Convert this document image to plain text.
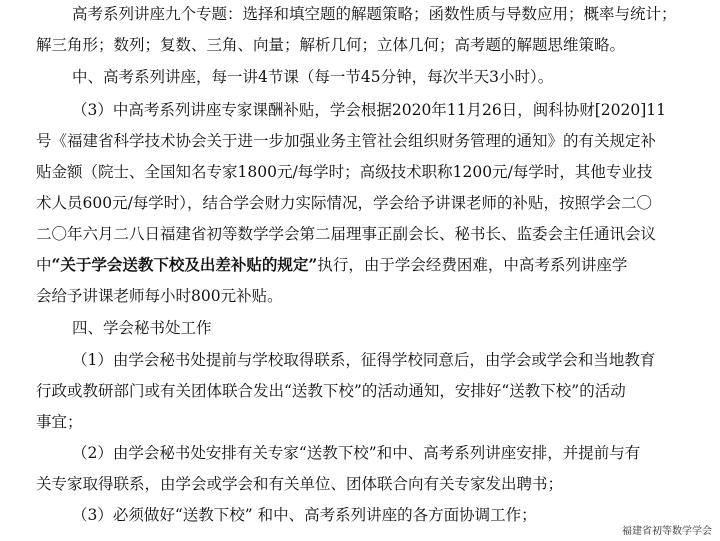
高考系列讲座九个专题：选择和填空题的解题策略；函数性质与导数应用；概率与统计；
解三角形；数列；复数、三角、向量；解析几何；立体几何；高考题的解题思维策略。
中、高考系列讲座，每一讲4节课（每一节45分钟，每次半天3小时）。
（3）中高考系列讲座专家课酬补贴，学会根据2020年11月26日，闽科协财[2020]11
号《福建省科学技术协会关于进一步加强业务主管社会组织财务管理的通知》的有关规定补
贴金额（院士、全国知名专家1800元/每学时；高级技术职称1200元/每学时，其他专业技
术人员600元/每学时），结合学会财力实际情况，学会给予讲课老师的补贴，按照学会二〇
二〇年六月二八日福建省初等数学学会第二届理事正副会长、秘书长、监委会主任通讯会议
中“关于学会送教下校及出差补贴的规定”执行，由于学会经费困难，中高考系列讲座学
会给予讲课老师每小时800元补贴。
四、学会秘书处工作
（1）由学会秘书处提前与学校取得联系，征得学校同意后，由学会或学会和当地教育
行政或教研部门或有关团体联合发出“送教下校”的活动通知，安排好“送教下校”的活动
事宜；
（2）由学会秘书处安排有关专家“送教下校”和中、高考系列讲座安排，并提前与有
关专家取得联系，由学会或学会和有关单位、团体联合向有关专家发出聘书；
（3）必须做好“送教下校” 和中、高考系列讲座的各方面协调工作；
福建省初等数学学会
